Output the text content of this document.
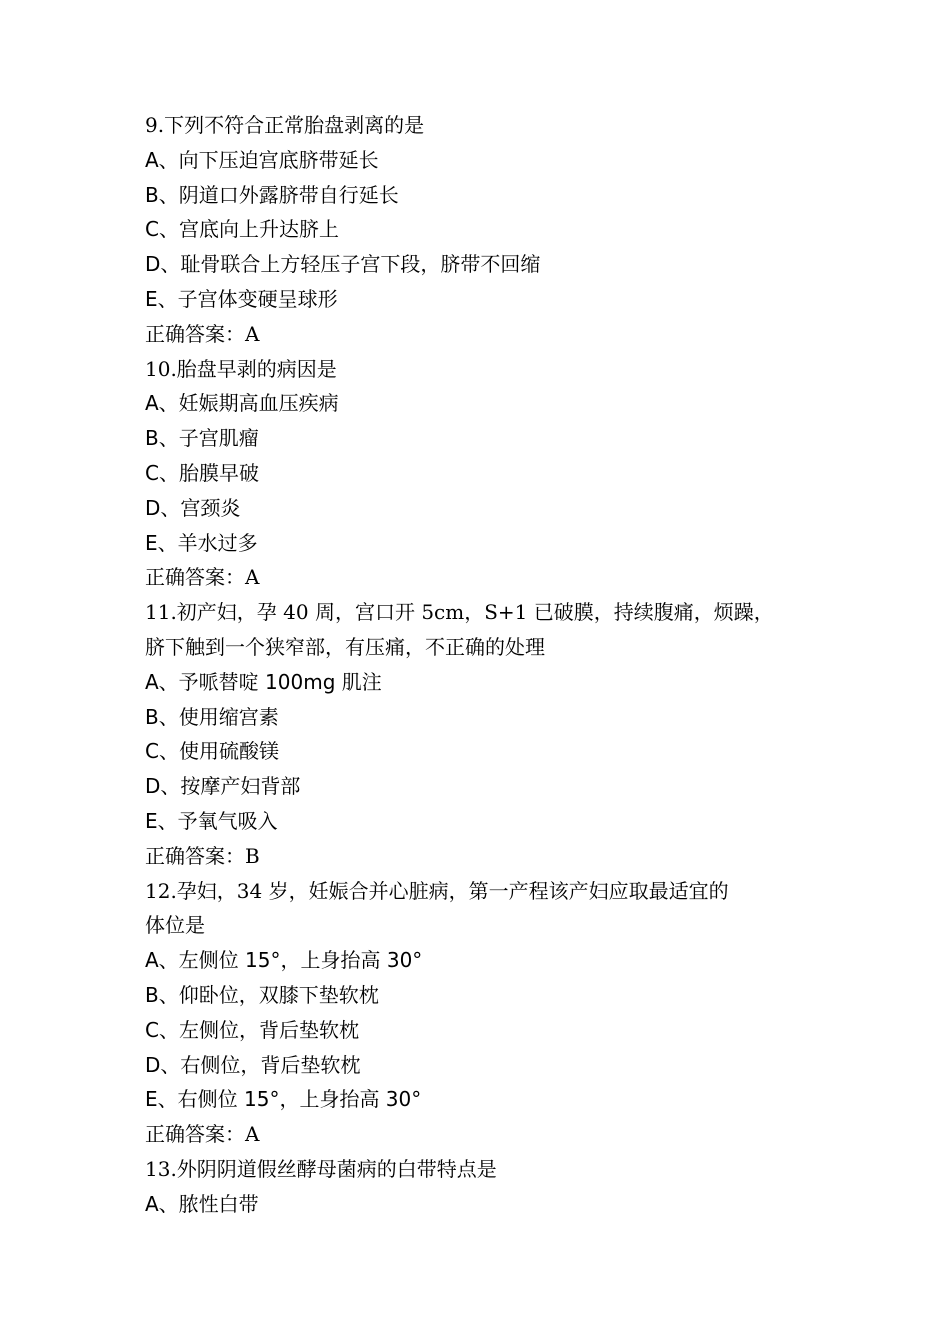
9.下列不符合正常胎盘剥离的是
A、向下压迫宫底脐带延长
B、阴道口外露脐带自行延长
C、宫底向上升达脐上
D、耻骨联合上方轻压子宫下段，脐带不回缩
E、子宫体变硬呈球形
正确答案：A
10.胎盘早剥的病因是
A、妊娠期高血压疾病
B、子宫肌瘤
C、胎膜早破
D、宫颈炎
E、羊水过多
正确答案：A
11.初产妇，孕 40 周，宫口开 5cm，S+1 已破膜，持续腹痛，烦躁，
脐下触到一个狭窄部，有压痛，不正确的处理
A、予哌替啶 100mg 肌注
B、使用缩宫素
C、使用硫酸镁
D、按摩产妇背部
E、予氧气吸入
正确答案：B
12.孕妇，34 岁，妊娠合并心脏病，第一产程该产妇应取最适宜的
体位是
A、左侧位 15°，上身抬高 30°
B、仰卧位，双膝下垫软枕
C、左侧位，背后垫软枕
D、右侧位，背后垫软枕
E、右侧位 15°，上身抬高 30°
正确答案：A
13.外阴阴道假丝酵母菌病的白带特点是
A、脓性白带
